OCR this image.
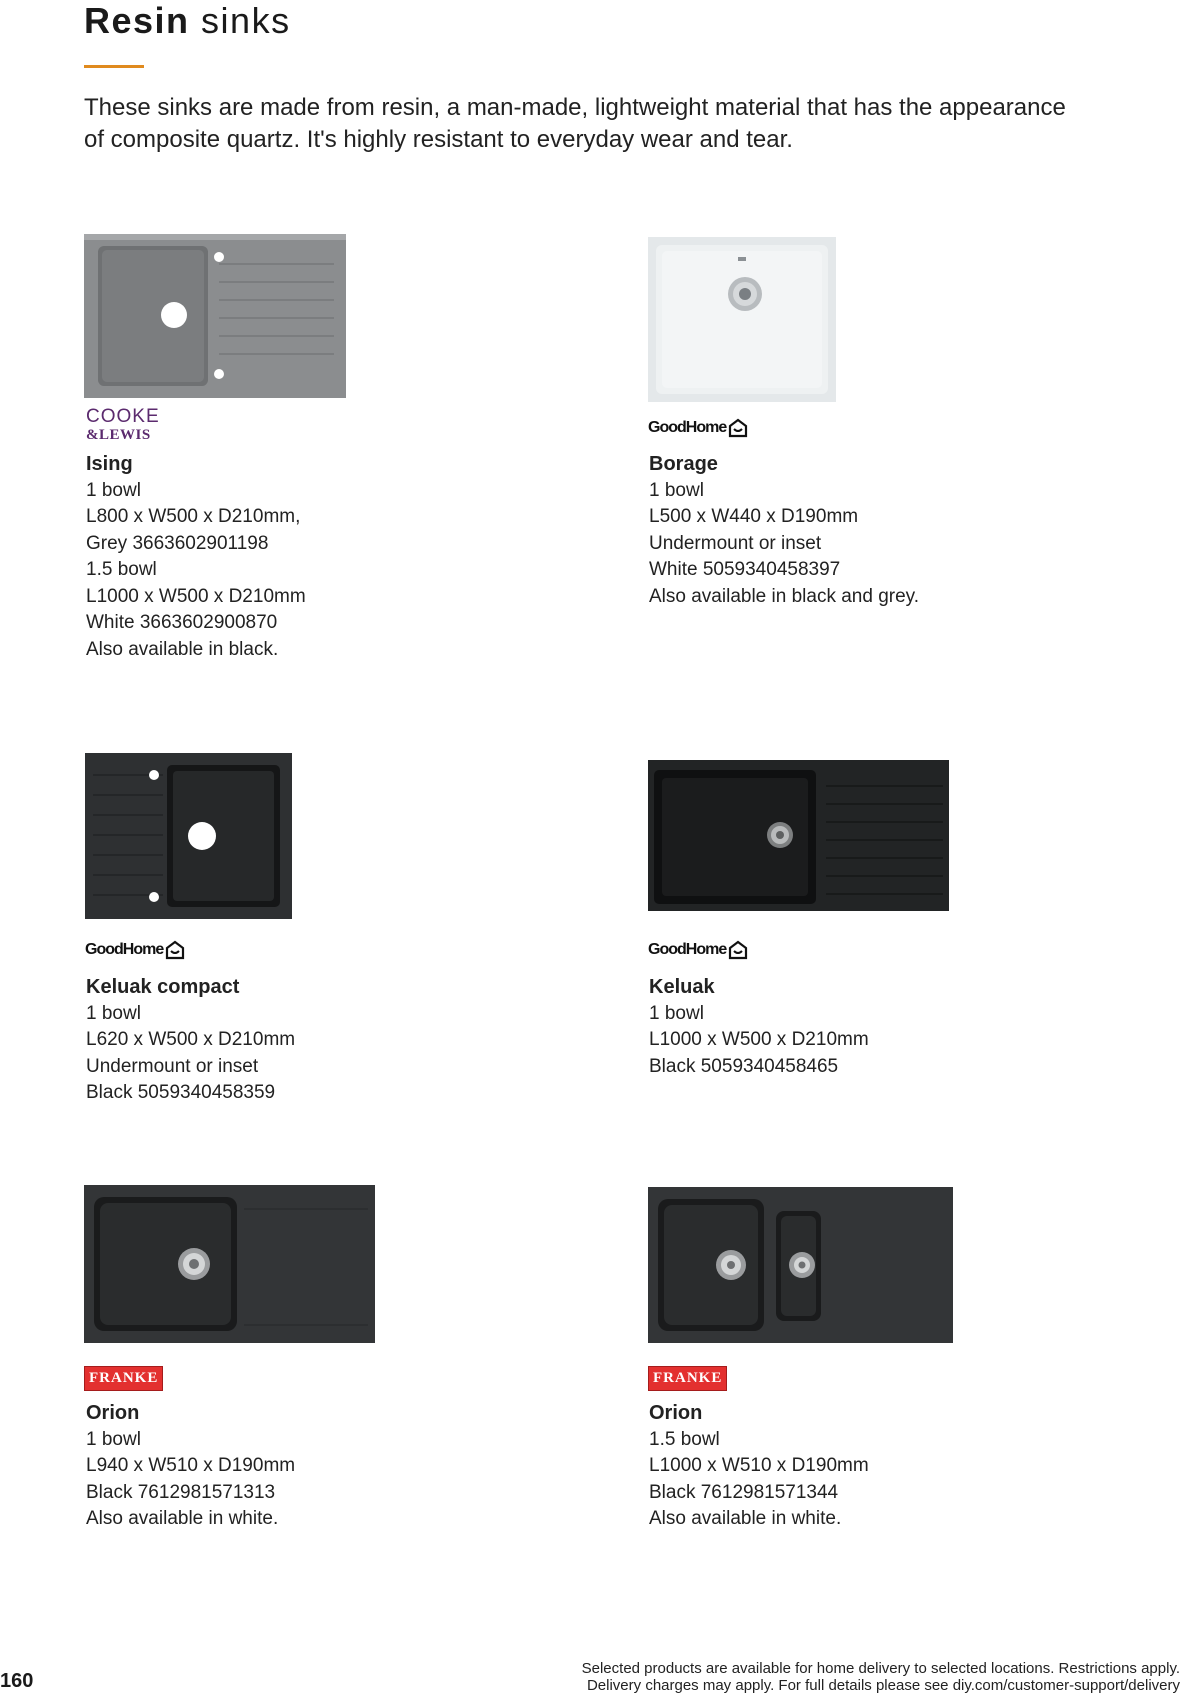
Resin sinks

These sinks are made from resin, a man-made, lightweight material that has the appearance of composite quartz. It's highly resistant to everyday wear and tear.

COOKE
&LEWIS
Ising
1 bowl
L800 x W500 x D210mm,
Grey 3663602901198
1.5 bowl
L1000 x W500 x D210mm
White 3663602900870
Also available in black.
GoodHome
Borage
1 bowl
L500 x W440 x D190mm
Undermount or inset
White 5059340458397
Also available in black and grey.
GoodHome
Keluak compact
1 bowl
L620 x W500 x D210mm
Undermount or inset
Black 5059340458359
GoodHome
Keluak
1 bowl
L1000 x W500 x D210mm
Black 5059340458465
FRANKE
Orion
1 bowl
L940 x W510 x D190mm
Black 7612981571313
Also available in white.
FRANKE
Orion
1.5 bowl
L1000 x W510 x D190mm
Black 7612981571344
Also available in white.
160
Selected products are available for home delivery to selected locations. Restrictions apply.
Delivery charges may apply. For full details please see diy.com/customer-support/delivery
